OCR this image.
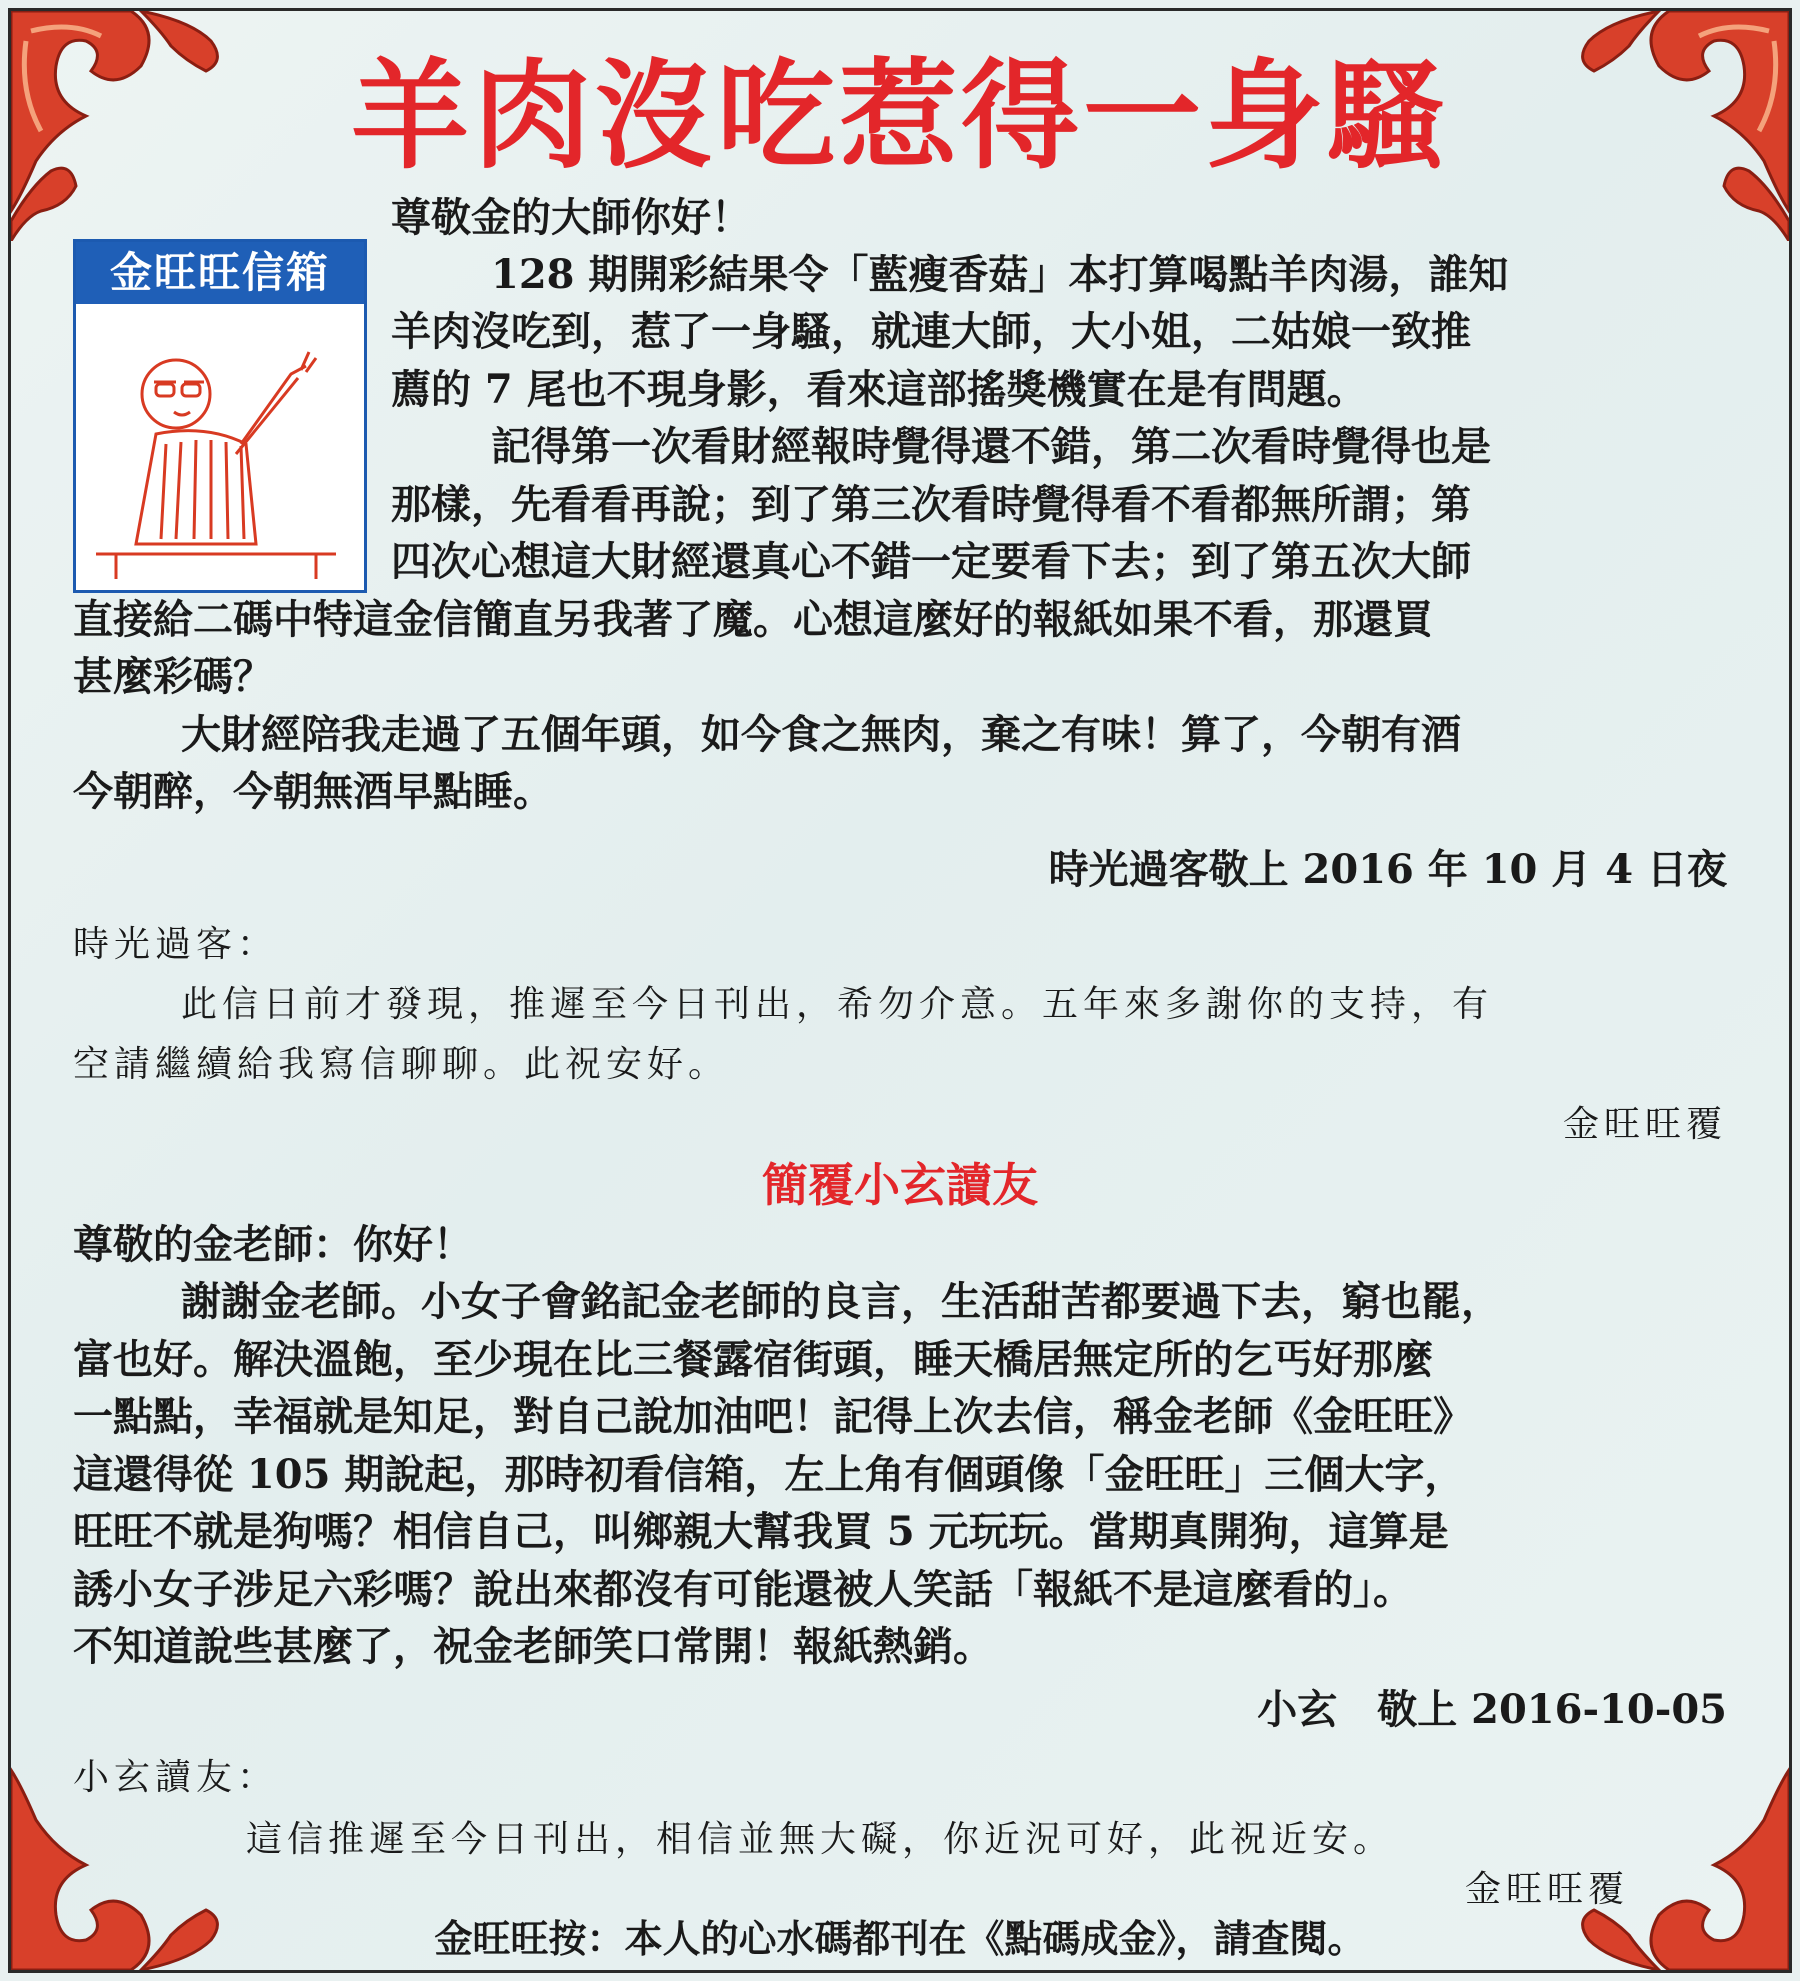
羊肉沒吃惹得一身騷
金旺旺信箱
尊敬金的大師你好！
128 期開彩結果令「藍瘦香菇」本打算喝點羊肉湯，誰知
羊肉沒吃到，惹了一身騷，就連大師，大小姐，二姑娘一致推
薦的 7 尾也不現身影，看來這部搖獎機實在是有問題。
記得第一次看財經報時覺得還不錯，第二次看時覺得也是
那樣，先看看再說；到了第三次看時覺得看不看都無所謂；第
四次心想這大財經還真心不錯一定要看下去；到了第五次大師
直接給二碼中特這金信簡直另我著了魔。心想這麼好的報紙如果不看，那還買
甚麼彩碼？
大財經陪我走過了五個年頭，如今食之無肉，棄之有味！算了，今朝有酒
今朝醉，今朝無酒早點睡。
時光過客敬上 2016 年 10 月 4 日夜
時光過客：
此信日前才發現，推遲至今日刊出，希勿介意。五年來多謝你的支持，有
空請繼續給我寫信聊聊。此祝安好。
金旺旺覆
簡覆小玄讀友
尊敬的金老師：你好！
謝謝金老師。小女子會銘記金老師的良言，生活甜苦都要過下去，窮也罷，
富也好。解決溫飽，至少現在比三餐露宿街頭，睡天橋居無定所的乞丐好那麼
一點點，幸福就是知足，對自己說加油吧！記得上次去信，稱金老師《金旺旺》
這還得從 105 期說起，那時初看信箱，左上角有個頭像「金旺旺」三個大字，
旺旺不就是狗嗎？相信自己，叫鄉親大幫我買 5 元玩玩。當期真開狗，這算是
誘小女子涉足六彩嗎？說出來都沒有可能還被人笑話「報紙不是這麼看的」。
不知道說些甚麼了，祝金老師笑口常開！報紙熱銷。
小玄　敬上 2016-10-05
小玄讀友：
這信推遲至今日刊出，相信並無大礙，你近況可好，此祝近安。
金旺旺覆
金旺旺按：本人的心水碼都刊在《點碼成金》，請查閱。
